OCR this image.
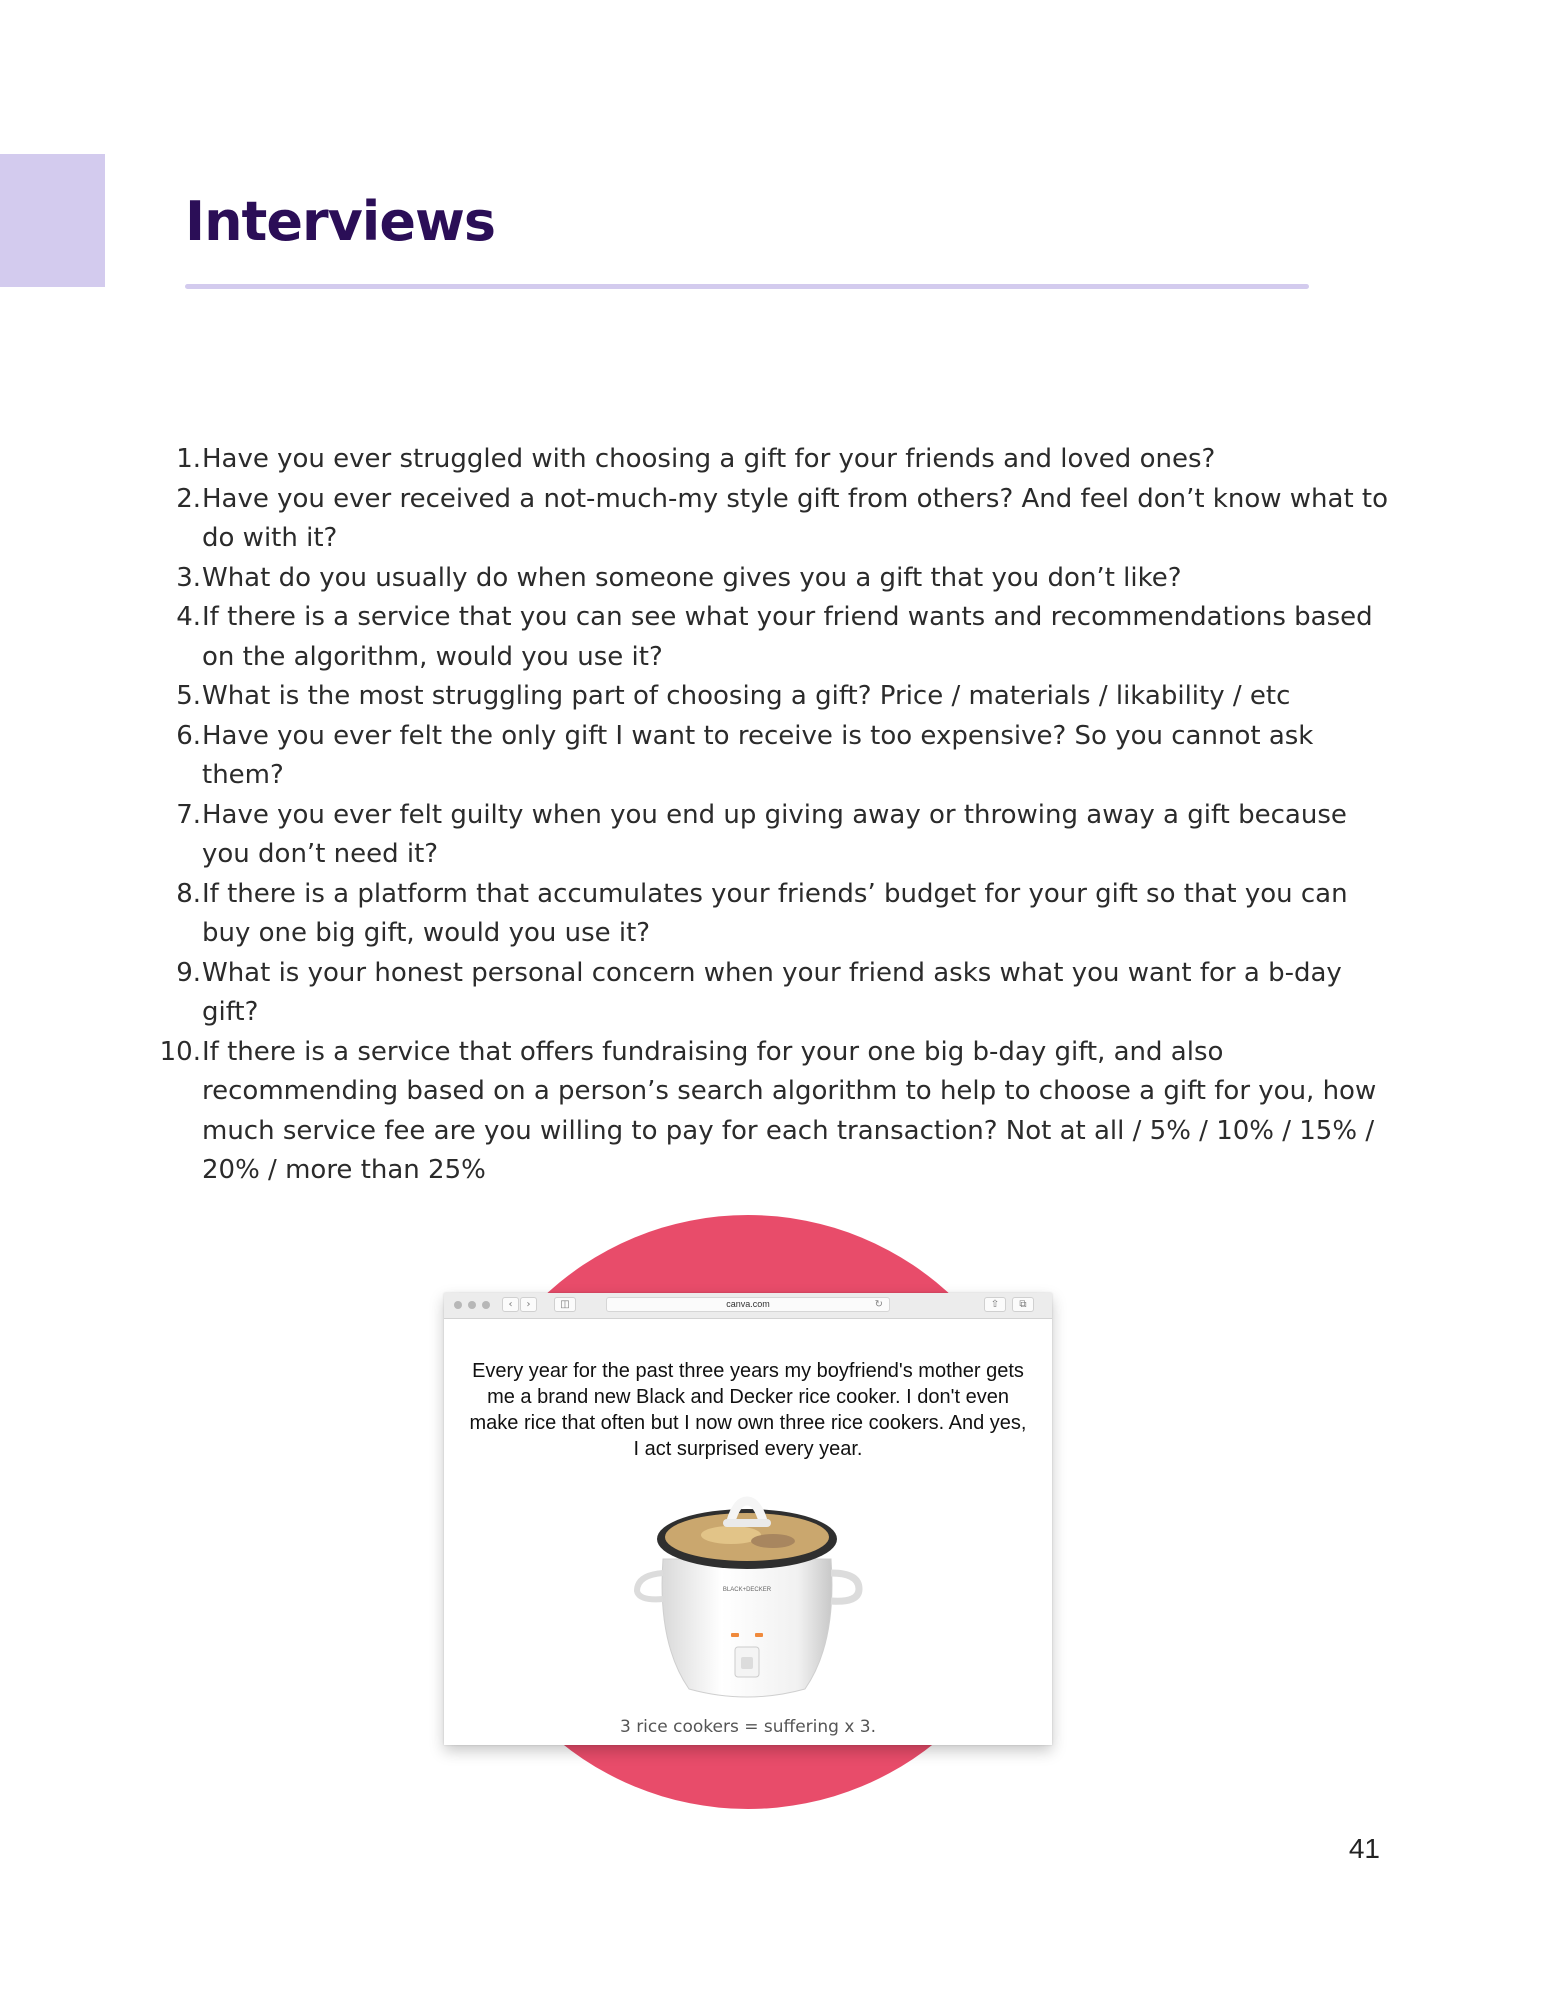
Interviews
1. Have you ever struggled with choosing a gift for your friends and loved ones?
2. Have you ever received a not-much-my style gift from others? And feel don’t know what to do with it?
3. What do you usually do when someone gives you a gift that you don’t like?
4. If there is a service that you can see what your friend wants and recommendations based on the algorithm, would you use it?
5. What is the most struggling part of choosing a gift? Price / materials / likability / etc
6. Have you ever felt the only gift I want to receive is too expensive? So you cannot ask them?
7. Have you ever felt guilty when you end up giving away or throwing away a gift because you don’t need it?
8. If there is a platform that accumulates your friends’ budget for your gift so that you can buy one big gift, would you use it?
9. What is your honest personal concern when your friend asks what you want for a b-day gift?
10. If there is a service that offers fundraising for your one big b-day gift, and also recommending based on a person’s search algorithm to help to choose a gift for you, how much service fee are you willing to pay for each transaction? Not at all / 5% / 10% / 15% / 20% / more than 25%
‹	›	◫	canva.com	↻	⇧	⧉

Every year for the past three years my boyfriend's mother gets me a brand new Black and Decker rice cooker. I don't even make rice that often but I now own three rice cookers. And yes, I act surprised every year.

BLACK+DECKER
3 rice cookers = suffering x 3.
41
